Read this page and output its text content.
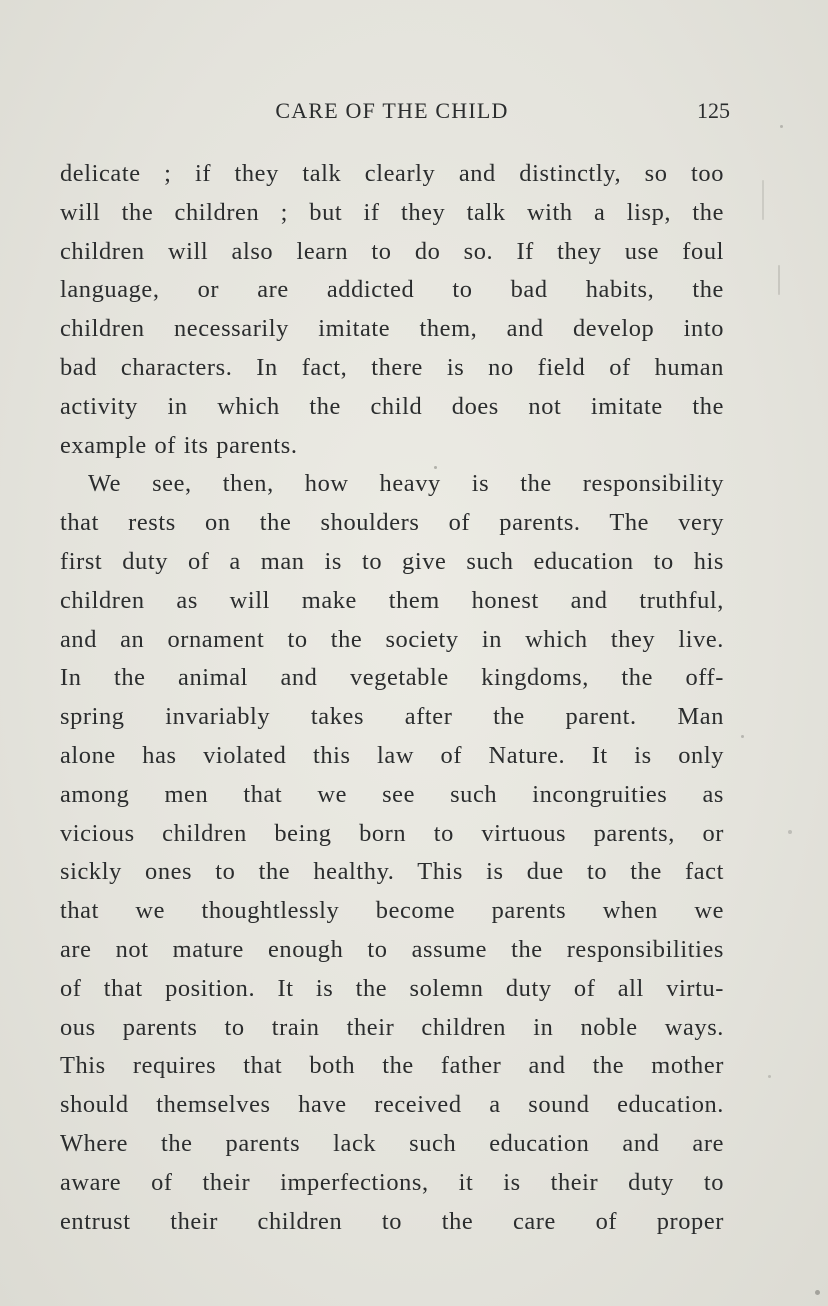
CARE OF THE CHILD	125
delicate ; if they talk clearly and distinctly, so too
will the children ; but if they talk with a lisp, the
children will also learn to do so. If they use foul
language, or are addicted to bad habits, the
children necessarily imitate them, and develop into
bad characters. In fact, there is no field of human
activity in which the child does not imitate the
example of its parents.
We see, then, how heavy is the responsibility
that rests on the shoulders of parents. The very
first duty of a man is to give such education to his
children as will make them honest and truthful,
and an ornament to the society in which they live.
In the animal and vegetable kingdoms, the off-
spring invariably takes after the parent. Man
alone has violated this law of Nature. It is only
among men that we see such incongruities as
vicious children being born to virtuous parents, or
sickly ones to the healthy. This is due to the fact
that we thoughtlessly become parents when we
are not mature enough to assume the responsibilities
of that position. It is the solemn duty of all virtu-
ous parents to train their children in noble ways.
This requires that both the father and the mother
should themselves have received a sound education.
Where the parents lack such education and are
aware of their imperfections, it is their duty to
entrust their children to the care of proper
